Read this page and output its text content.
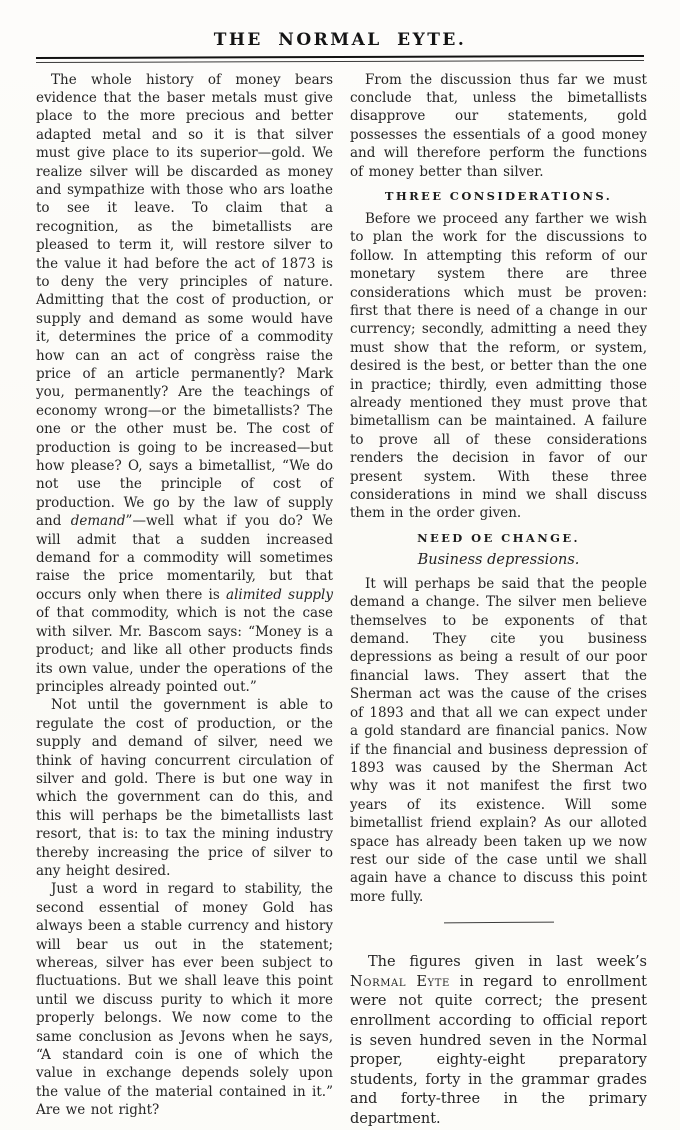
THE NORMAL EYTE.

The whole history of money bears evidence that the baser metals must give place to the more precious and better adapted metal and so it is that silver must give place to its superior—gold. We realize silver will be discarded as money and sympathize with those who ars loathe to see it leave. To claim that a recognition, as the bimetallists are pleased to term it, will restore silver to the value it had before the act of 1873 is to deny the very principles of nature. Admitting that the cost of production, or supply and demand as some would have it, determines the price of a commodity how can an act of congrèss raise the price of an article permanently? Mark you, permanently? Are the teachings of economy wrong—or the bimetallists? The one or the other must be. The cost of production is going to be increased—but how please? O, says a bimetallist, “We do not use the principle of cost of production. We go by the law of supply and demand”—well what if you do? We will admit that a sudden increased demand for a commodity will sometimes raise the price momentarily, but that occurs only when there is alimited supply of that commodity, which is not the case with silver. Mr. Bascom says: “Money is a product; and like all other products finds its own value, under the operations of the principles already pointed out.”

Not until the government is able to regulate the cost of production, or the supply and demand of silver, need we think of having concurrent circulation of silver and gold. There is but one way in which the government can do this, and this will perhaps be the bimetallists last resort, that is: to tax the mining industry thereby increasing the price of silver to any height desired.

Just a word in regard to stability, the second essential of money Gold has always been a stable currency and history will bear us out in the statement; whereas, silver has ever been subject to fluctuations. But we shall leave this point until we discuss purity to which it more properly belongs. We now come to the same conclusion as Jevons when he says, “A standard coin is one of which the value in exchange depends solely upon the value of the material contained in it.” Are we not right?

From the discussion thus far we must conclude that, unless the bimetallists disapprove our statements, gold possesses the essentials of a good money and will therefore perform the functions of money better than silver.

THREE CONSIDERATIONS.

Before we proceed any farther we wish to plan the work for the discussions to follow. In attempting this reform of our monetary system there are three considerations which must be proven: first that there is need of a change in our currency; secondly, admitting a need they must show that the reform, or system, desired is the best, or better than the one in practice; thirdly, even admitting those already mentioned they must prove that bimetallism can be maintained. A failure to prove all of these considerations renders the decision in favor of our present system. With these three considerations in mind we shall discuss them in the order given.

NEED OE CHANGE.
Business depressions.

It will perhaps be said that the people demand a change. The silver men believe themselves to be exponents of that demand. They cite you business depressions as being a result of our poor financial laws. They assert that the Sherman act was the cause of the crises of 1893 and that all we can expect under a gold standard are financial panics. Now if the financial and business depression of 1893 was caused by the Sherman Act why was it not manifest the first two years of its existence. Will some bimetallist friend explain? As our alloted space has already been taken up we now rest our side of the case until we shall again have a chance to discuss this point more fully.

The figures given in last week’s Normal Eyte in regard to enrollment were not quite correct; the present enrollment according to official report is seven hundred seven in the Normal proper, eighty-eight preparatory students, forty in the grammar grades and forty-three in the primary department.
